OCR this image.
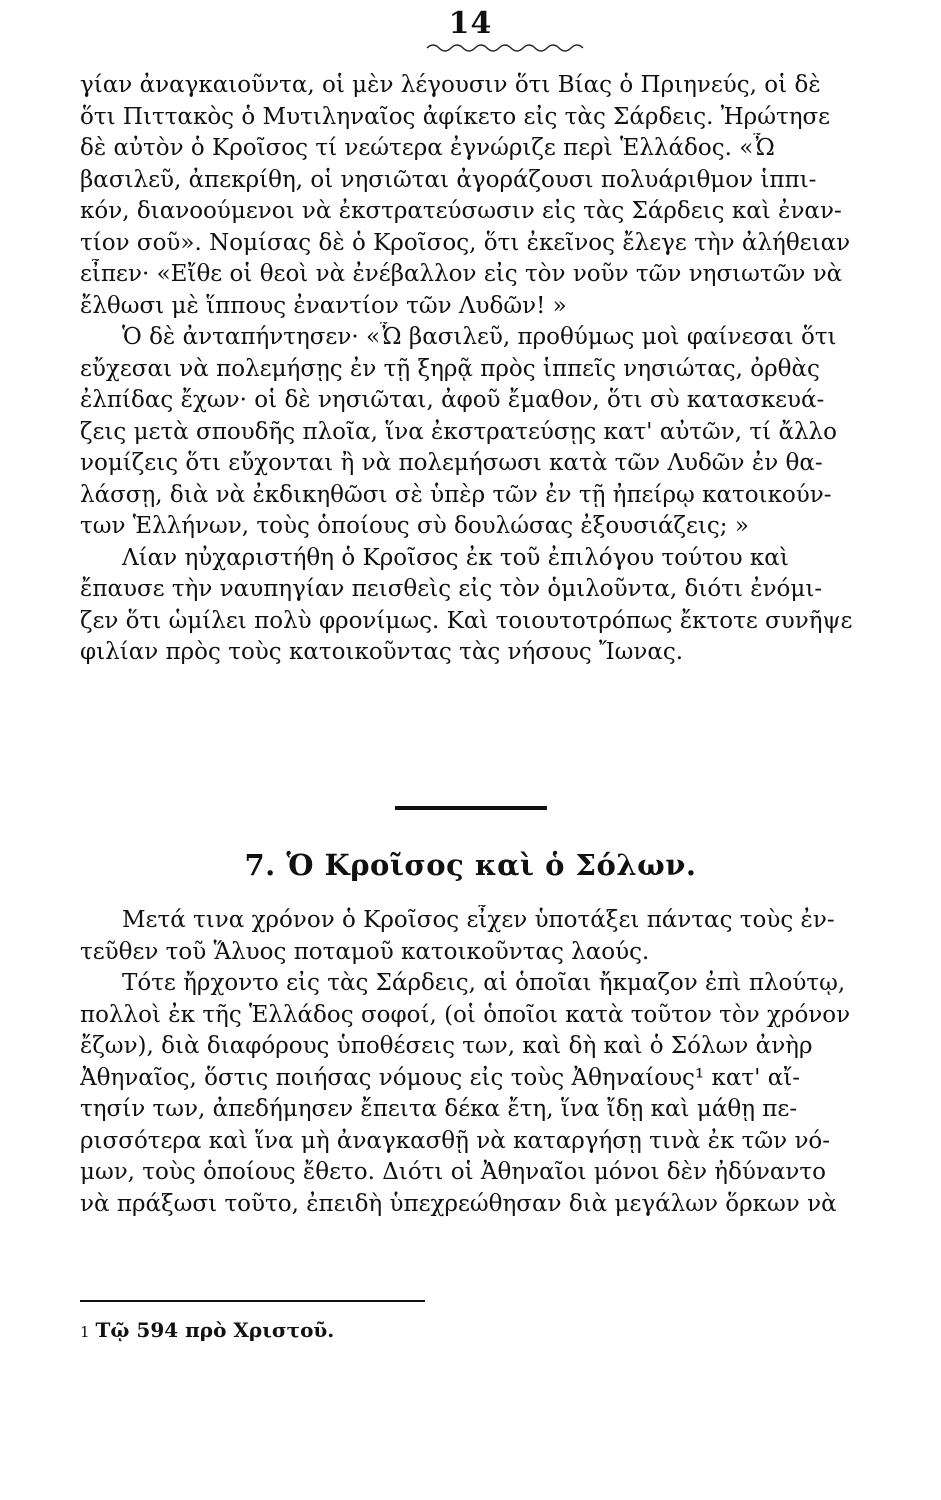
14
γίαν ἀναγκαιοῦντα, οἱ μὲν λέγουσιν ὅτι Βίας ὁ Πριηνεύς, οἱ δὲ
ὅτι Πιττακὸς ὁ Μυτιληναῖος ἀφίκετο εἰς τὰς Σάρδεις. Ἠρώτησε
δὲ αὐτὸν ὁ Κροῖσος τί νεώτερα ἐγνώριζε περὶ Ἑλλάδος. «Ὦ
βασιλεῦ, ἀπεκρίθη, οἱ νησιῶται ἀγοράζουσι πολυάριθμον ἱππι-
κόν, διανοούμενοι νὰ ἐκστρατεύσωσιν εἰς τὰς Σάρδεις καὶ ἐναν-
τίον σοῦ». Νομίσας δὲ ὁ Κροῖσος, ὅτι ἐκεῖνος ἔλεγε τὴν ἀλήθειαν
εἶπεν· «Εἴθε οἱ θεοὶ νὰ ἐνέβαλλον εἰς τὸν νοῦν τῶν νησιωτῶν νὰ
ἔλθωσι μὲ ἵππους ἐναντίον τῶν Λυδῶν! »
Ὁ δὲ ἀνταπήντησεν· «Ὦ βασιλεῦ, προθύμως μοὶ φαίνεσαι ὅτι
εὔχεσαι νὰ πολεμήσῃς ἐν τῇ ξηρᾷ πρὸς ἱππεῖς νησιώτας, ὀρθὰς
ἐλπίδας ἔχων· οἱ δὲ νησιῶται, ἀφοῦ ἔμαθον, ὅτι σὺ κατασκευά-
ζεις μετὰ σπουδῆς πλοῖα, ἵνα ἐκστρατεύσῃς κατ' αὐτῶν, τί ἄλλο
νομίζεις ὅτι εὔχονται ἢ νὰ πολεμήσωσι κατὰ τῶν Λυδῶν ἐν θα-
λάσσῃ, διὰ νὰ ἐκδικηθῶσι σὲ ὑπὲρ τῶν ἐν τῇ ἠπείρῳ κατοικούν-
των Ἑλλήνων, τοὺς ὁποίους σὺ δουλώσας ἐξουσιάζεις; »
Λίαν ηὐχαριστήθη ὁ Κροῖσος ἐκ τοῦ ἐπιλόγου τούτου καὶ
ἔπαυσε τὴν ναυπηγίαν πεισθεὶς εἰς τὸν ὁμιλοῦντα, διότι ἐνόμι-
ζεν ὅτι ὡμίλει πολὺ φρονίμως. Καὶ τοιουτοτρόπως ἔκτοτε συνῆψε
φιλίαν πρὸς τοὺς κατοικοῦντας τὰς νήσους Ἴωνας.
7. Ὁ Κροῖσος καὶ ὁ Σόλων.
Μετά τινα χρόνον ὁ Κροῖσος εἶχεν ὑποτάξει πάντας τοὺς ἐν-
τεῦθεν τοῦ Ἅλυος ποταμοῦ κατοικοῦντας λαούς.
Τότε ἤρχοντο εἰς τὰς Σάρδεις, αἱ ὁποῖαι ἤκμαζον ἐπὶ πλούτῳ,
πολλοὶ ἐκ τῆς Ἑλλάδος σοφοί, (οἱ ὁποῖοι κατὰ τοῦτον τὸν χρόνον
ἔζων), διὰ διαφόρους ὑποθέσεις των, καὶ δὴ καὶ ὁ Σόλων ἀνὴρ
Ἀθηναῖος, ὅστις ποιήσας νόμους εἰς τοὺς Ἀθηναίους¹ κατ' αἴ-
τησίν των, ἀπεδήμησεν ἔπειτα δέκα ἔτη, ἵνα ἴδῃ καὶ μάθῃ πε-
ρισσότερα καὶ ἵνα μὴ ἀναγκασθῇ νὰ καταργήσῃ τινὰ ἐκ τῶν νό-
μων, τοὺς ὁποίους ἔθετο. Διότι οἱ Ἀθηναῖοι μόνοι δὲν ἠδύναντο
νὰ πράξωσι τοῦτο, ἐπειδὴ ὑπεχρεώθησαν διὰ μεγάλων ὅρκων νὰ
1 Τῷ 594 πρὸ Χριστοῦ.
